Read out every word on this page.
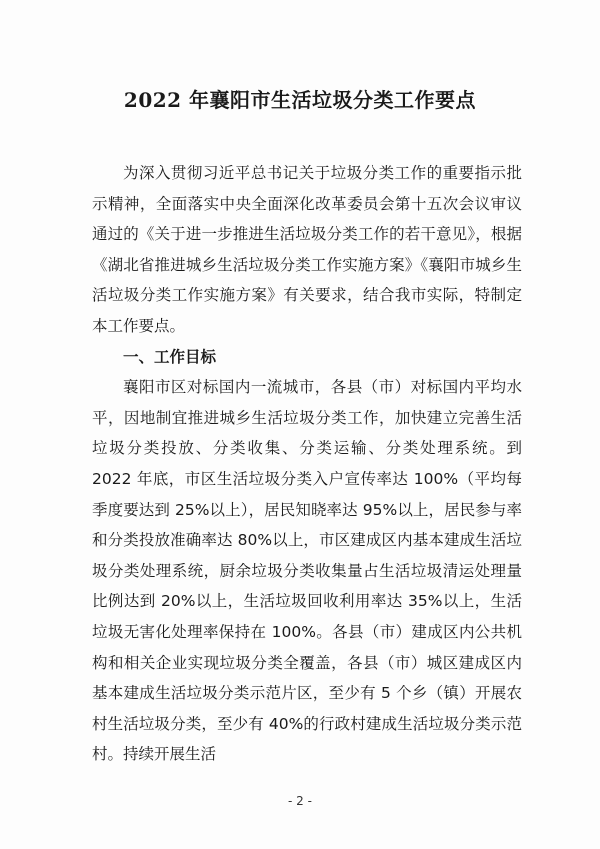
2022 年襄阳市生活垃圾分类工作要点

为深入贯彻习近平总书记关于垃圾分类工作的重要指示批示精神，全面落实中央全面深化改革委员会第十五次会议审议通过的《关于进一步推进生活垃圾分类工作的若干意见》，根据《湖北省推进城乡生活垃圾分类工作实施方案》《襄阳市城乡生活垃圾分类工作实施方案》有关要求，结合我市实际，特制定本工作要点。

一、工作目标

襄阳市区对标国内一流城市，各县（市）对标国内平均水平，因地制宜推进城乡生活垃圾分类工作，加快建立完善生活垃圾分类投放、分类收集、分类运输、分类处理系统。到 2022 年底，市区生活垃圾分类入户宣传率达 100%（平均每季度要达到 25%以上），居民知晓率达 95%以上，居民参与率和分类投放准确率达 80%以上，市区建成区内基本建成生活垃圾分类处理系统，厨余垃圾分类收集量占生活垃圾清运处理量比例达到 20%以上，生活垃圾回收利用率达 35%以上，生活垃圾无害化处理率保持在 100%。各县（市）建成区内公共机构和相关企业实现垃圾分类全覆盖，各县（市）城区建成区内基本建成生活垃圾分类示范片区，至少有 5 个乡（镇）开展农村生活垃圾分类，至少有 40%的行政村建成生活垃圾分类示范村。持续开展生活

- 2 -
